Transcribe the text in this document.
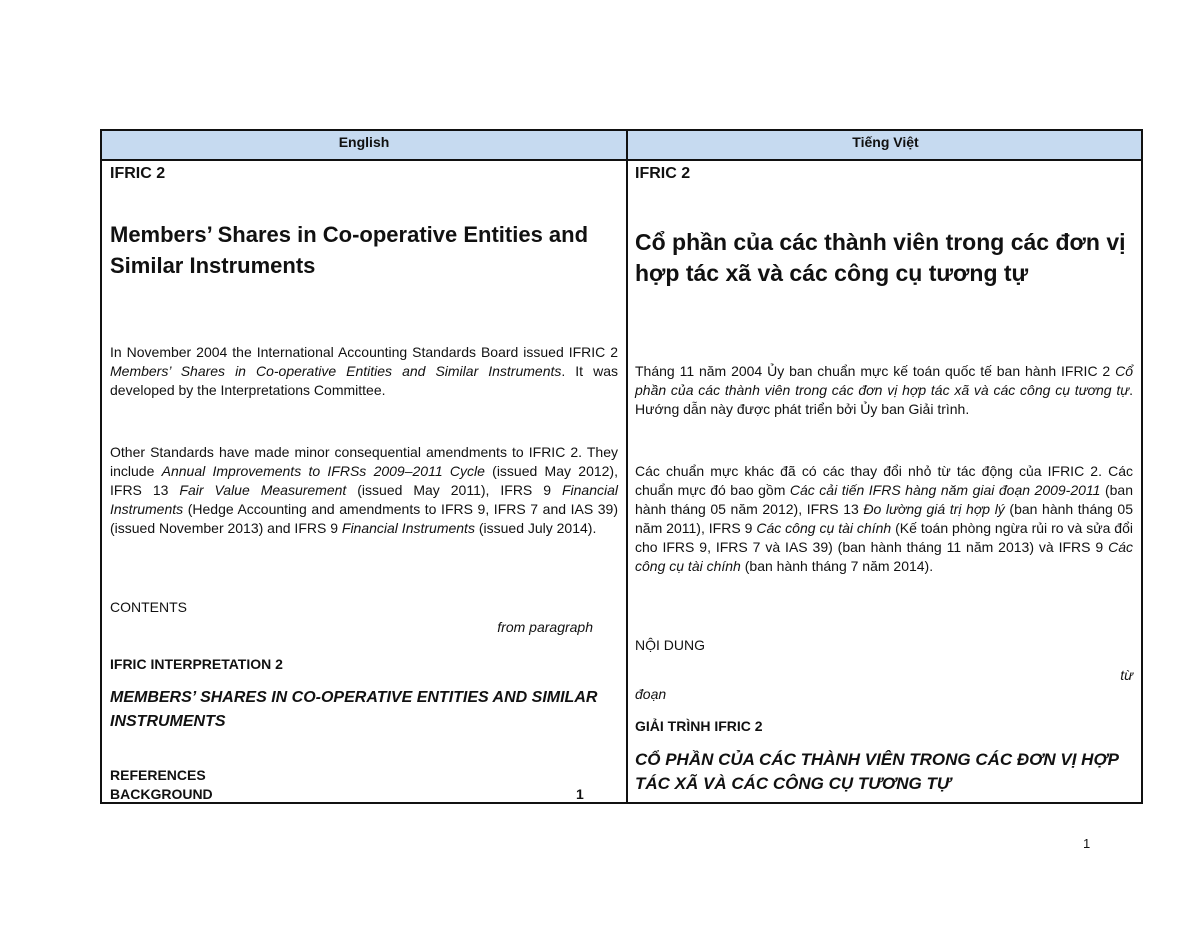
English	Tiếng Việt
IFRIC 2
Members’ Shares in Co-operative Entities and Similar Instruments
In November 2004 the International Accounting Standards Board issued IFRIC 2 Members’ Shares in Co-operative Entities and Similar Instruments. It was developed by the Interpretations Committee.
Other Standards have made minor consequential amendments to IFRIC 2. They include Annual Improvements to IFRSs 2009–2011 Cycle (issued May 2012), IFRS 13 Fair Value Measurement (issued May 2011), IFRS 9 Financial Instruments (Hedge Accounting and amendments to IFRS 9, IFRS 7 and IAS 39) (issued November 2013) and IFRS 9 Financial Instruments (issued July 2014).
CONTENTS
from paragraph
IFRIC INTERPRETATION 2
MEMBERS’ SHARES IN CO-OPERATIVE ENTITIES AND SIMILAR INSTRUMENTS
REFERENCES
BACKGROUND	1
IFRIC 2
Cổ phần của các thành viên trong các đơn vị hợp tác xã và các công cụ tương tự
Tháng 11 năm 2004 Ủy ban chuẩn mực kế toán quốc tế ban hành IFRIC 2 Cổ phần của các thành viên trong các đơn vị hợp tác xã và các công cụ tương tự. Hướng dẫn này được phát triển bởi Ủy ban Giải trình.
Các chuẩn mực khác đã có các thay đổi nhỏ từ tác động của IFRIC 2. Các chuẩn mực đó bao gồm Các cải tiến IFRS hàng năm giai đoạn 2009-2011 (ban hành tháng 05 năm 2012), IFRS 13 Đo lường giá trị hợp lý (ban hành tháng 05 năm 2011), IFRS 9 Các công cụ tài chính (Kế toán phòng ngừa rủi ro và sửa đổi cho IFRS 9, IFRS 7 và IAS 39) (ban hành tháng 11 năm 2013) và IFRS 9 Các công cụ tài chính (ban hành tháng 7 năm 2014).
NỘI DUNG
từ
đoạn
GIẢI TRÌNH IFRIC 2
CỔ PHẦN CỦA CÁC THÀNH VIÊN TRONG CÁC ĐƠN VỊ HỢP TÁC XÃ VÀ CÁC CÔNG CỤ TƯƠNG TỰ
1
